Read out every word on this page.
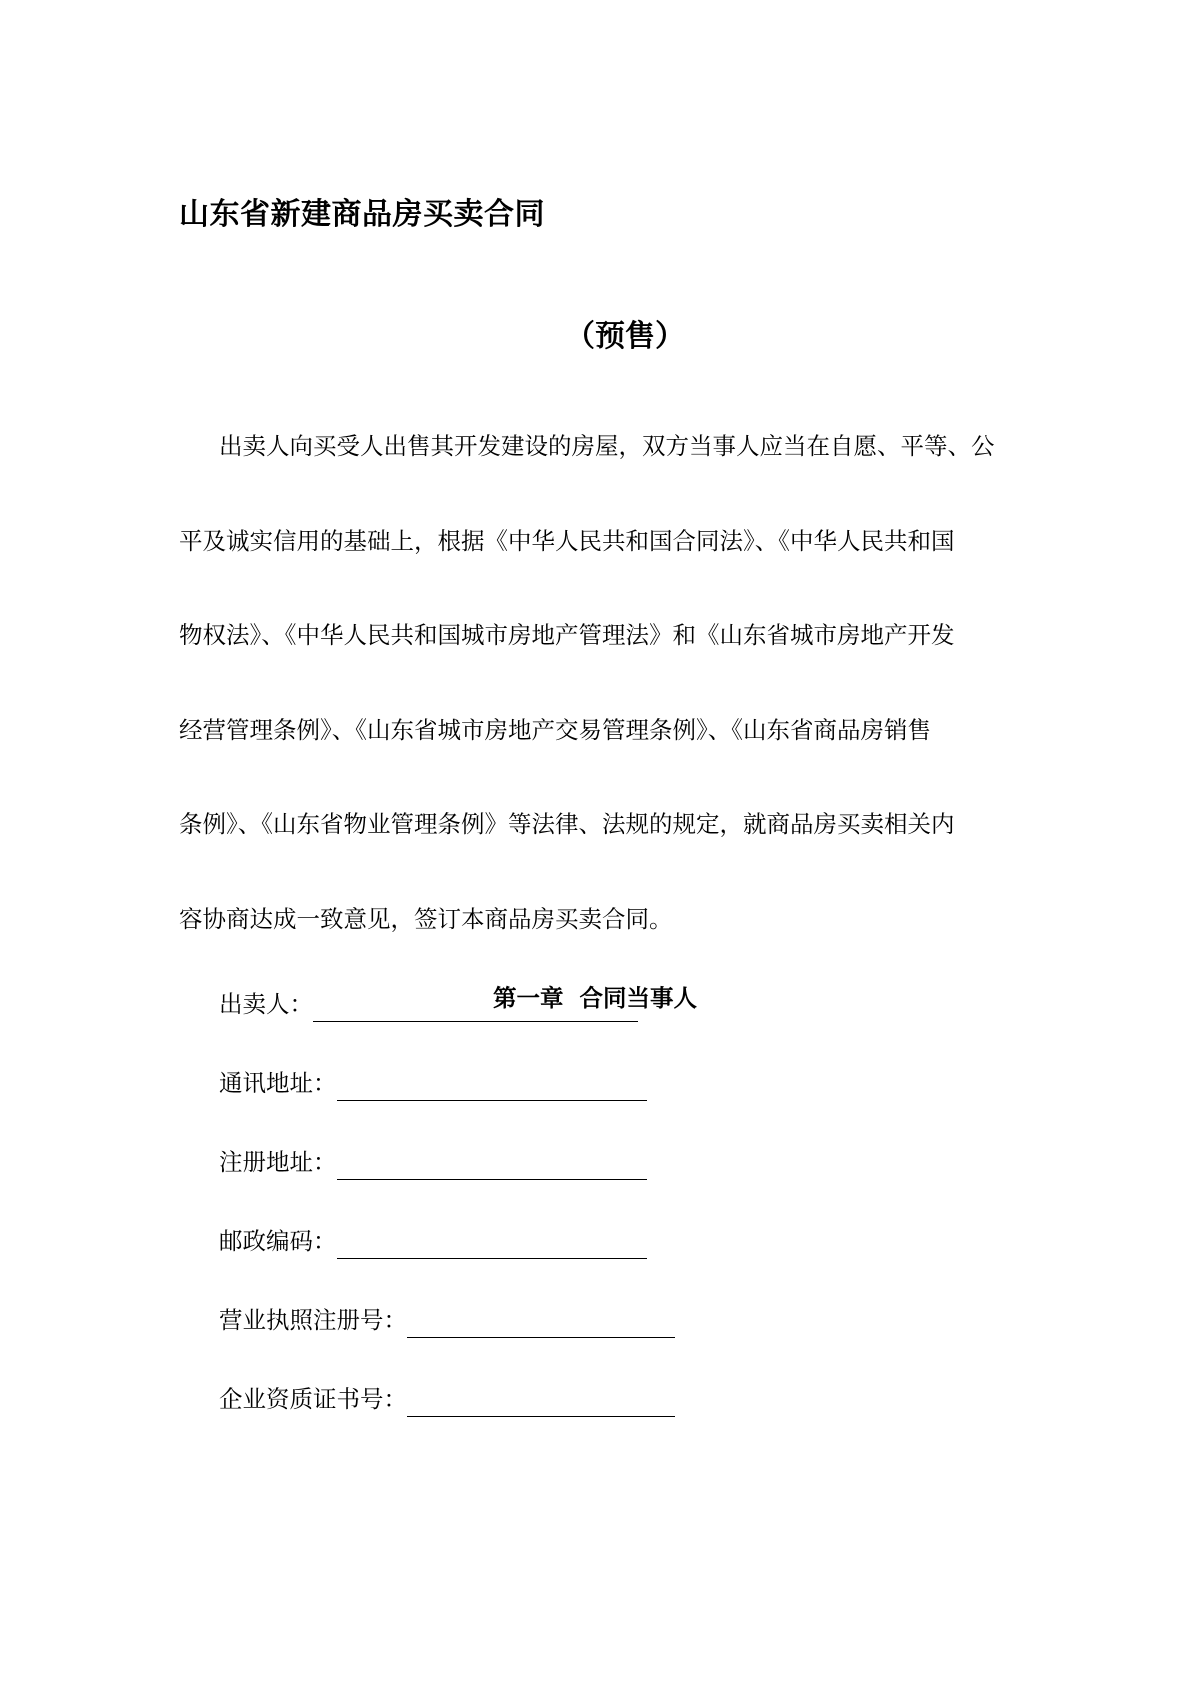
山东省新建商品房买卖合同
（预售）
出卖人向买受人出售其开发建设的房屋，双方当事人应当在自愿、平等、公
平及诚实信用的基础上，根据《中华人民共和国合同法》、《中华人民共和国
物权法》、《中华人民共和国城市房地产管理法》和《山东省城市房地产开发
经营管理条例》、《山东省城市房地产交易管理条例》、《山东省商品房销售
条例》、《山东省物业管理条例》等法律、法规的规定，就商品房买卖相关内
容协商达成一致意见，签订本商品房买卖合同。
第一章 合同当事人
出卖人：
通讯地址：
注册地址：
邮政编码：
营业执照注册号：
企业资质证书号：
